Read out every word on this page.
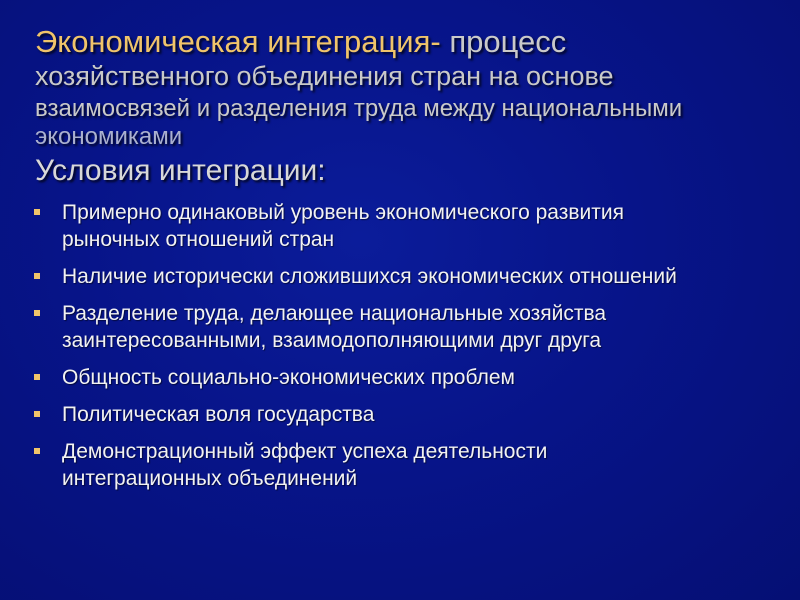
Экономическая интеграция- процесс
хозяйственного объединения стран на основе
взаимосвязей и разделения труда между национальными
экономиками
Условия интеграции:
Примерно одинаковый уровень экономического развития
рыночных отношений стран
Наличие исторически сложившихся экономических отношений
Разделение труда, делающее национальные хозяйства
заинтересованными, взаимодополняющими друг друга
Общность социально-экономических проблем
Политическая воля государства
Демонстрационный эффект успеха деятельности
интеграционных объединений
